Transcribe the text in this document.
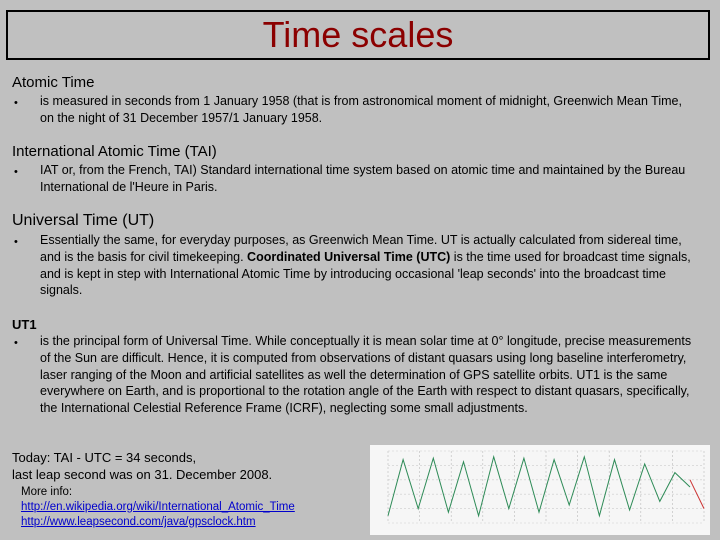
Time scales
Atomic Time
• is measured in seconds from 1 January 1958 (that is from astronomical moment of midnight, Greenwich Mean Time, on the night of 31 December 1957/1 January 1958.
International Atomic Time (TAI)
• IAT or, from the French, TAI) Standard international time system based on atomic time and maintained by the Bureau International de l'Heure in Paris.
Universal Time (UT)
• Essentially the same, for everyday purposes, as Greenwich Mean Time. UT is actually calculated from sidereal time, and is the basis for civil timekeeping. Coordinated Universal Time (UTC) is the time used for broadcast time signals, and is kept in step with International Atomic Time by introducing occasional 'leap seconds' into the broadcast time signals.
UT1
• is the principal form of Universal Time. While conceptually it is mean solar time at 0° longitude, precise measurements of the Sun are difficult. Hence, it is computed from observations of distant quasars using long baseline interferometry, laser ranging of the Moon and artificial satellites as well the determination of GPS satellite orbits. UT1 is the same everywhere on Earth, and is proportional to the rotation angle of the Earth with respect to distant quasars, specifically, the International Celestial Reference Frame (ICRF), neglecting some small adjustments.
Today: TAI - UTC = 34 seconds,
last leap second was on 31. December 2008.
More info:
http://en.wikipedia.org/wiki/International_Atomic_Time
http://www.leapsecond.com/java/gpsclock.htm
